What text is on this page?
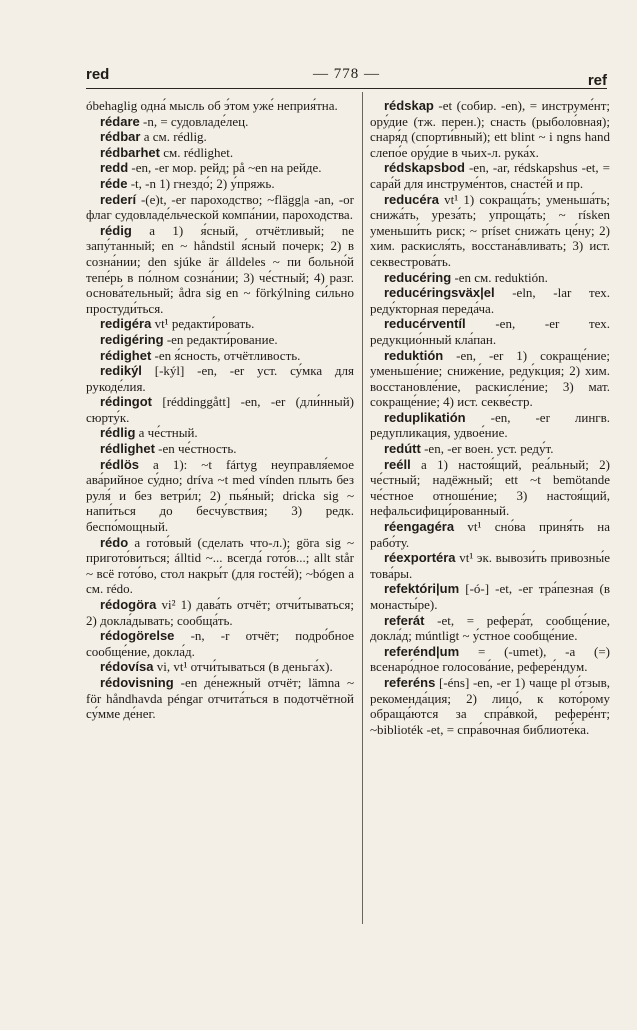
red	— 778 —	ref

óbehaglig одна́ мысль об э́том уже́ неприя́тна.

rédare -n, = судовладе́лец.

rédbar a см. rédlig.

rédbarhet см. rédlighet.

redd -en, -er мор. рейд; på ~en на рейде.

réde -t, -n 1) гнездо́; 2) у́пряжь.

rederí -(e)t, -er пароходство; ~flägg|a -an, -or флаг судовладе́льческой компа́нии, пароходства.

rédig a 1) я́сный, отчётливый; ne запу́танный; en ~ håndstil я́сный почерк; 2) в созна́нии; den sjúke är álldeles ~ пи больно́й тепе́рь в по́лном созна́нии; 3) че́стный; 4) разг. основа́тельный; ådra sig en ~ förkýlning си́льно простуди́ться.

redigéra vt¹ редакти́ровать.

redigéring -en редакти́рование.

rédighet -en я́сность, отчётливость.

redikýl [-kýl] -en, -er уст. су́мка для рукоде́лия.

rédingot [réddinggått] -en, -er (дли́нный) сюрту́к.

rédlig a че́стный.

rédlighet -en че́стность.

rédlös a 1): ~t fártyg неуправля́емое ава́рийное су́дно; dríva ~t med vínden плыть без руля́ и без ветри́л; 2) пья́ный; dricka sig ~ напи́ться до бесчу́вствия; 3) редк. беспо́мощный.

rédo a гото́вый (сделать что-л.); göra sig ~ пригото́виться; álltid ~... всегда́ гото́в...; allt står ~ всё гото́во, стол накры́т (для госте́й); ~bógen a см. rédo.

rédogöra vi² 1) дава́ть отчёт; отчи́тываться; 2) докла́дывать; сообща́ть.

rédogörelse -n, -r отчёт; подро́бное сообще́ние, докла́д.

rédovísa vi, vt¹ отчи́тываться (в деньга́х).

rédovisning -en де́нежный отчёт; lämna ~ för håndhavda péngar отчита́ться в подотчётной су́мме де́нег.

rédskap -et (собир. -en), = инструме́нт; ору́дие (тж. перен.); снасть (рыболо́вная); снаря́д (спорти́вный); ett blint ~ i ngns hand слепо́е ору́дие в чьих-л. рука́х.

rédskapsbod -en, -ar, rédskapshus -et, = сара́й для инструме́нтов, снасте́й и пр.

reducéra vt¹ 1) сокраща́ть; уменьша́ть; снижа́ть, уреза́ть; упроща́ть; ~ rísken уменьши́ть риск; ~ príset снижа́ть це́ну; 2) хим. раскисля́ть, восстана́вливать; 3) ист. секвестрова́ть.

reducéring -en см. reduktión.

reducéringsväx|el -eln, -lar тех. реду́кторная переда́ча.

reducérventíl -en, -er тех. редукцио́нный кла́пан.

reduktión -en, -er 1) сокраще́ние; уменьше́ние; сниже́ние, реду́кция; 2) хим. восстановле́ние, раскисле́ние; 3) мат. сокраще́ние; 4) ист. секве́стр.

reduplikatión -en, -er лингв. редупликация, удвое́ние.

redútt -en, -er воен. уст. реду́т.

reéll a 1) настоя́щий, реа́льный; 2) че́стный; надёжный; ett ~t bemötande че́стное отноше́ние; 3) настоя́щий, нефальсифици́рованный.

réengagéra vt¹ сно́ва приня́ть на рабо́ту.

réexportéra vt¹ эк. вывози́ть привозны́е това́ры.

refektóri|um [-ó-] -et, -er тра́пезная (в монасты́ре).

referát -et, = рефера́т, сообще́ние, докла́д; múntligt ~ у́стное сообще́ние.

referénd|um = (-umet), -a (=) всенаро́дное голосова́ние, рефере́ндум.

referéns [-éns] -en, -er 1) чаще pl о́тзыв, рекоменда́ция; 2) лицо́, к кото́рому обраща́ются за спра́вкой, рефере́нт; ~biblioték -et, = спра́вочная библиоте́ка.
